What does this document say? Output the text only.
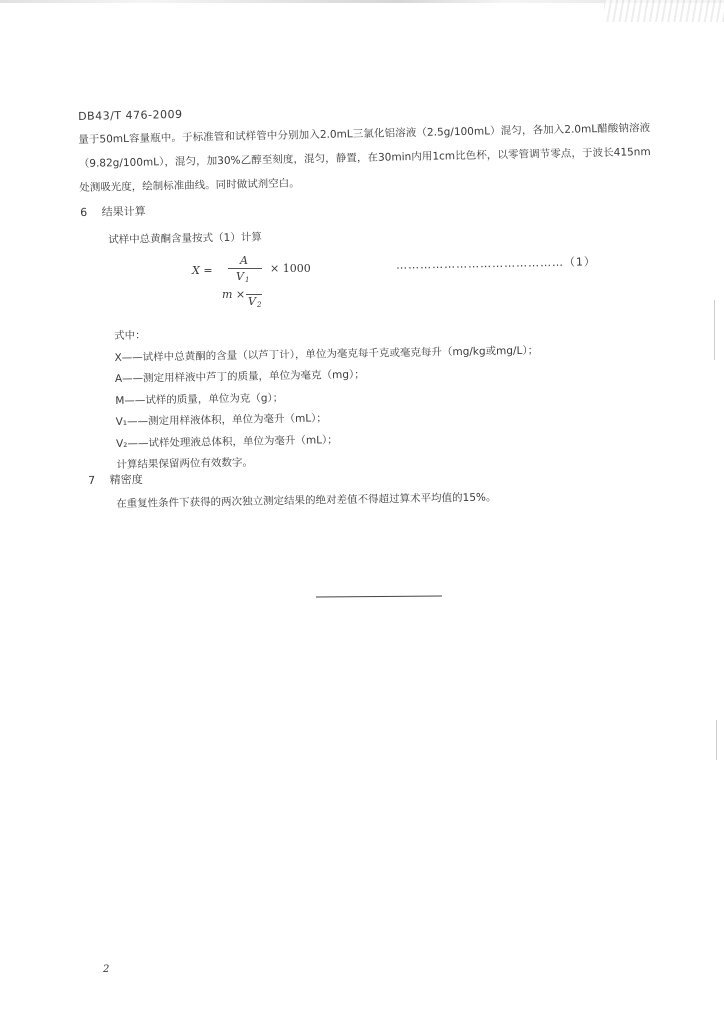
DB43/T 476-2009
量于50mL容量瓶中。于标准管和试样管中分别加入2.0mL三氯化铝溶液（2.5g/100mL）混匀，各加入2.0mL醋酸钠溶液（9.82g/100mL），混匀，加30%乙醇至刻度，混匀，静置，在30min内用1cm比色杯，以零管调节零点，于波长415nm处测吸光度，绘制标准曲线。同时做试剂空白。
6 结果计算
试样中总黄酮含量按式（1）计算
X =
A
V 1
× 1000
m ×
V 2
……………………………………（1）
式中：
X——试样中总黄酮的含量（以芦丁计），单位为毫克每千克或毫克每升（mg/kg或mg/L）；
A——测定用样液中芦丁的质量，单位为毫克（mg）；
M——试样的质量，单位为克（g）；
V₁——测定用样液体积，单位为毫升（mL）；
V₂——试样处理液总体积，单位为毫升（mL）；
计算结果保留两位有效数字。
7 精密度
在重复性条件下获得的两次独立测定结果的绝对差值不得超过算术平均值的15%。
2
